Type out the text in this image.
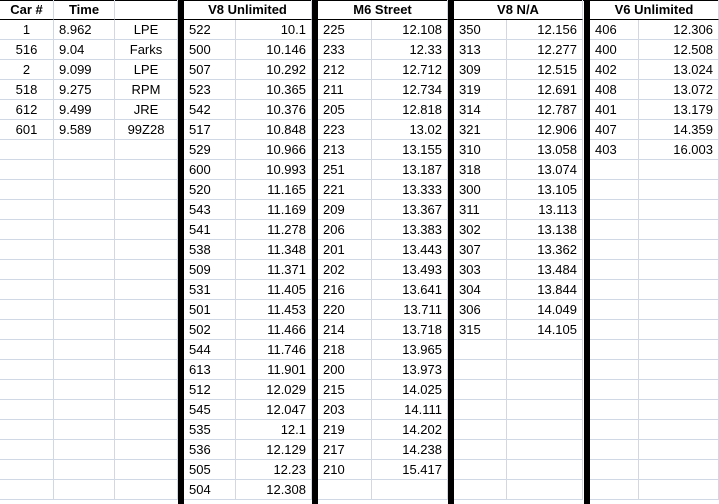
Car #	Time
1	8.962	LPE
516	9.04	Farks
2	9.099	LPE
518	9.275	RPM
612	9.499	JRE
601	9.589	99Z28
V8 Unlimited
522	10.1
500	10.146
507	10.292
523	10.365
542	10.376
517	10.848
529	10.966
600	10.993
520	11.165
543	11.169
541	11.278
538	11.348
509	11.371
531	11.405
501	11.453
502	11.466
544	11.746
613	11.901
512	12.029
545	12.047
535	12.1
536	12.129
505	12.23
504	12.308
M6 Street
225	12.108
233	12.33
212	12.712
211	12.734
205	12.818
223	13.02
213	13.155
251	13.187
221	13.333
209	13.367
206	13.383
201	13.443
202	13.493
216	13.641
220	13.711
214	13.718
218	13.965
200	13.973
215	14.025
203	14.111
219	14.202
217	14.238
210	15.417
V8 N/A
350	12.156
313	12.277
309	12.515
319	12.691
314	12.787
321	12.906
310	13.058
318	13.074
300	13.105
311	13.113
302	13.138
307	13.362
303	13.484
304	13.844
306	14.049
315	14.105
V6 Unlimited
406	12.306
400	12.508
402	13.024
408	13.072
401	13.179
407	14.359
403	16.003
